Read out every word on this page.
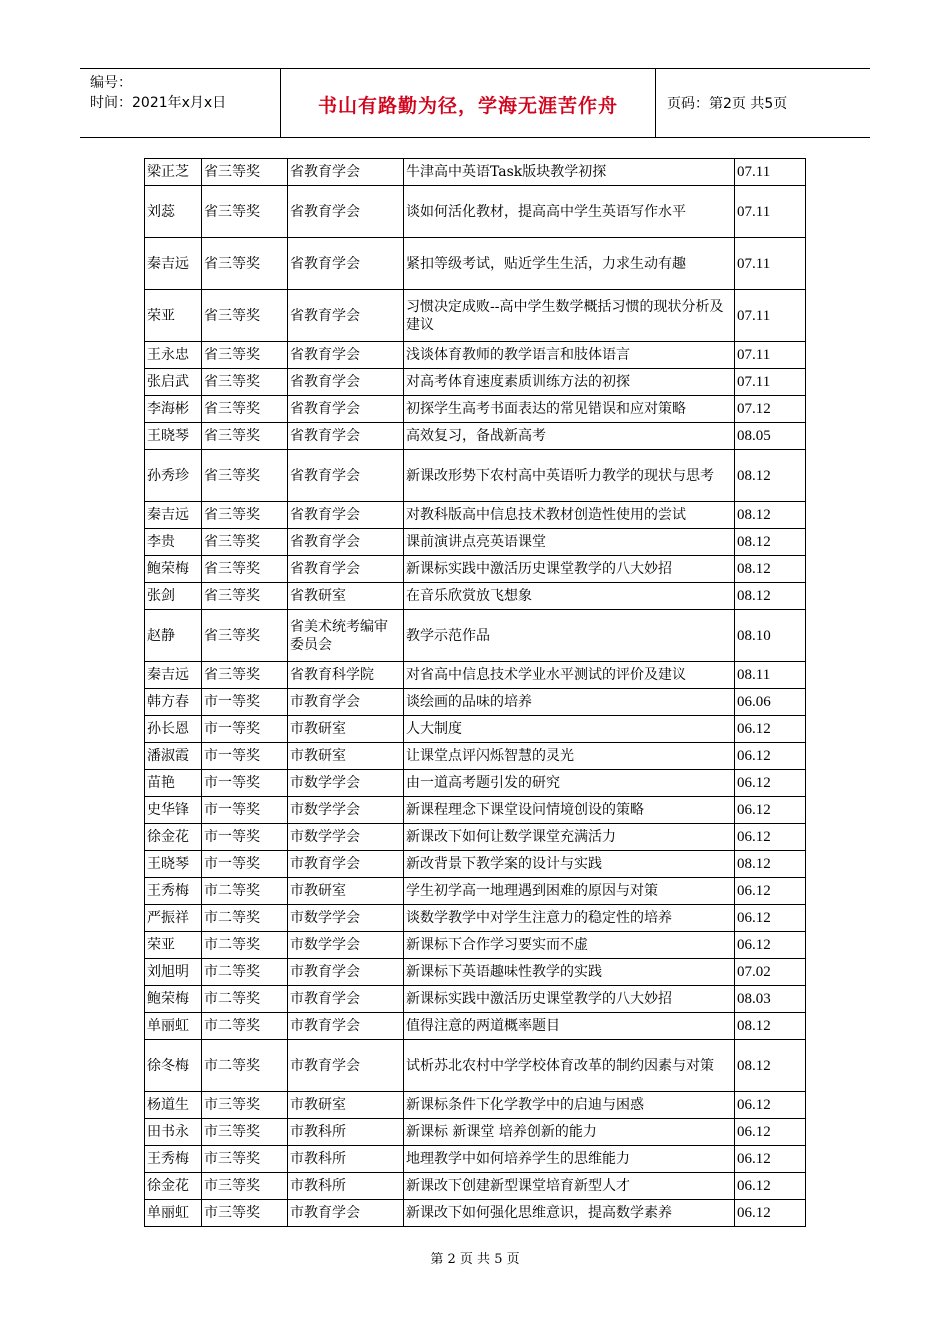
编号：
时间：2021年x月x日	书山有路勤为径，学海无涯苦作舟	页码：第2页 共5页
梁正芝	省三等奖	省教育学会	牛津高中英语Task版块教学初探	07.11
刘蕊	省三等奖	省教育学会	谈如何活化教材，提高高中学生英语写作水平	07.11
秦吉远	省三等奖	省教育学会	紧扣等级考试，贴近学生生活，力求生动有趣	07.11
荣亚	省三等奖	省教育学会	习惯决定成败--高中学生数学概括习惯的现状分析及建议	07.11
王永忠	省三等奖	省教育学会	浅谈体育教师的教学语言和肢体语言	07.11
张启武	省三等奖	省教育学会	对高考体育速度素质训练方法的初探	07.11
李海彬	省三等奖	省教育学会	初探学生高考书面表达的常见错误和应对策略	07.12
王晓琴	省三等奖	省教育学会	高效复习，备战新高考	08.05
孙秀珍	省三等奖	省教育学会	新课改形势下农村高中英语听力教学的现状与思考	08.12
秦吉远	省三等奖	省教育学会	对教科版高中信息技术教材创造性使用的尝试	08.12
李贵	省三等奖	省教育学会	课前演讲点亮英语课堂	08.12
鲍荣梅	省三等奖	省教育学会	新课标实践中激活历史课堂教学的八大妙招	08.12
张剑	省三等奖	省教研室	在音乐欣赏放飞想象	08.12
赵静	省三等奖	省美术统考编审委员会	教学示范作品	08.10
秦吉远	省三等奖	省教育科学院	对省高中信息技术学业水平测试的评价及建议	08.11
韩方春	市一等奖	市教育学会	谈绘画的品味的培养	06.06
孙长恩	市一等奖	市教研室	人大制度	06.12
潘淑霞	市一等奖	市教研室	让课堂点评闪烁智慧的灵光	06.12
苗艳	市一等奖	市数学学会	由一道高考题引发的研究	06.12
史华锋	市一等奖	市数学学会	新课程理念下课堂设问情境创设的策略	06.12
徐金花	市一等奖	市数学学会	新课改下如何让数学课堂充满活力	06.12
王晓琴	市一等奖	市教育学会	新改背景下教学案的设计与实践	08.12
王秀梅	市二等奖	市教研室	学生初学高一地理遇到困难的原因与对策	06.12
严振祥	市二等奖	市数学学会	谈数学教学中对学生注意力的稳定性的培养	06.12
荣亚	市二等奖	市数学学会	新课标下合作学习要实而不虚	06.12
刘旭明	市二等奖	市教育学会	新课标下英语趣味性教学的实践	07.02
鲍荣梅	市二等奖	市教育学会	新课标实践中激活历史课堂教学的八大妙招	08.03
单丽虹	市二等奖	市教育学会	值得注意的两道概率题目	08.12
徐冬梅	市二等奖	市教育学会	试析苏北农村中学学校体育改革的制约因素与对策	08.12
杨道生	市三等奖	市教研室	新课标条件下化学教学中的启迪与困惑	06.12
田书永	市三等奖	市教科所	新课标 新课堂 培养创新的能力	06.12
王秀梅	市三等奖	市教科所	地理教学中如何培养学生的思维能力	06.12
徐金花	市三等奖	市教科所	新课改下创建新型课堂培育新型人才	06.12
单丽虹	市三等奖	市教育学会	新课改下如何强化思维意识，提高数学素养	06.12
第 2 页 共 5 页
